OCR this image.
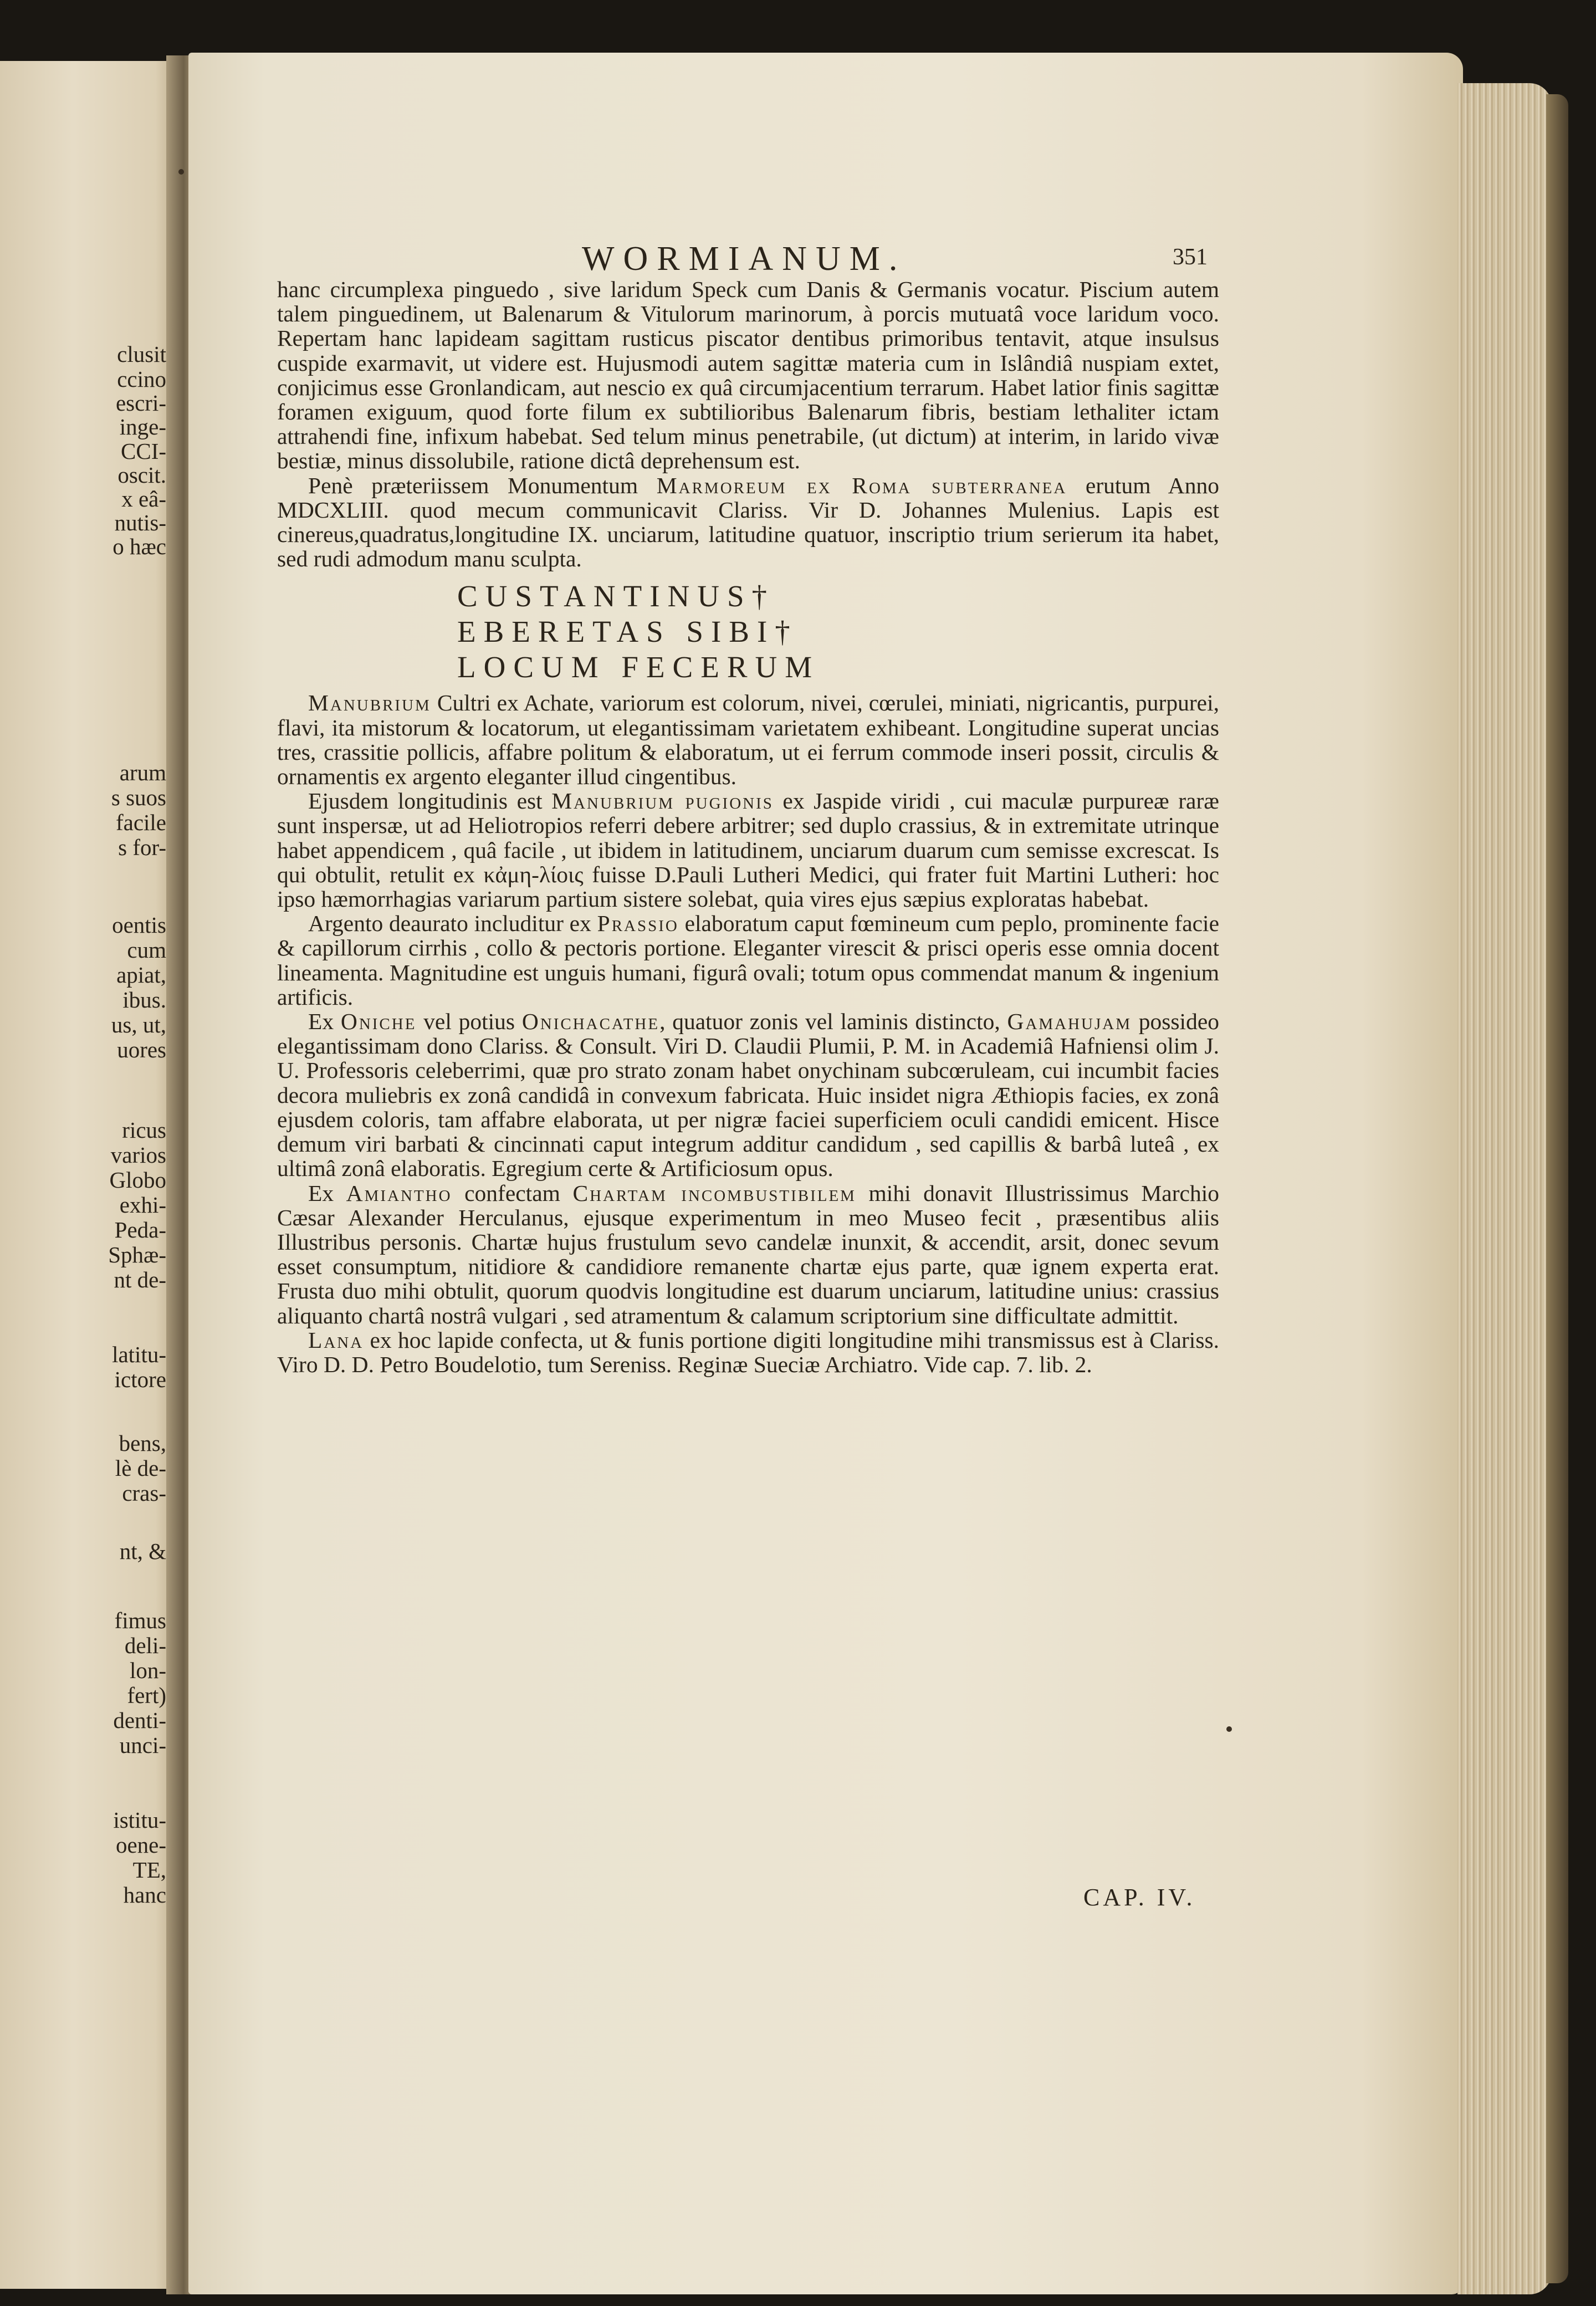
clusit
ccino
escri-
inge-
CCI-
oscit.
x eâ-
nutis-
o hæc
arum
s suos
facile
s for-
oentis
cum
apiat,
ibus.
us, ut,
uores
ricus
varios
Globo
exhi-
Peda-
Sphæ-
nt de-
latitu-
ictore
bens,
lè de-
cras-
nt, &
fimus
deli-
lon-
fert)
denti-
unci-
istitu-
oene-
TE,
hanc
WORMIANUM.	351

hanc circumplexa pinguedo , sive laridum Speck cum Danis & Germanis vocatur. Piscium autem talem pinguedinem, ut Balenarum & Vitulorum marinorum, à porcis mutuatâ voce laridum voco. Repertam hanc lapideam sagittam rusticus piscator dentibus primoribus tentavit, atque insulsus cuspide exarmavit, ut videre est. Hujusmodi autem sagittæ materia cum in Islândiâ nuspiam extet, conjicimus esse Gronlandicam, aut nescio ex quâ circumjacentium terrarum. Habet latior finis sagittæ foramen exiguum, quod forte filum ex subtilioribus Balenarum fibris, bestiam lethaliter ictam attrahendi fine, infixum habebat. Sed telum minus penetrabile, (ut dictum) at interim, in larido vivæ bestiæ, minus dissolubile, ratione dictâ deprehensum est.

Penè præteriissem Monumentum Marmoreum ex Roma subterranea erutum Anno MDCXLIII. quod mecum communicavit Clariss. Vir D. Johannes Mulenius. Lapis est cinereus,quadratus,longitudine IX. unciarum, latitudine quatuor, inscriptio trium serierum ita habet, sed rudi admodum manu sculpta.

CUSTANTINUS†
EBERETAS SIBI†
LOCUM FECERUM

Manubrium Cultri ex Achate, variorum est colorum, nivei, cœrulei, miniati, nigricantis, purpurei, flavi, ita mistorum & locatorum, ut elegantissimam varietatem exhibeant. Longitudine superat uncias tres, crassitie pollicis, affabre politum & elaboratum, ut ei ferrum commode inseri possit, circulis & ornamentis ex argento eleganter illud cingentibus.

Ejusdem longitudinis est Manubrium pugionis ex Jaspide viridi , cui maculæ purpureæ raræ sunt inspersæ, ut ad Heliotropios referri debere arbitrer; sed duplo crassius, & in extremitate utrinque habet appendicem , quâ facile , ut ibidem in latitudinem, unciarum duarum cum semisse excrescat. Is qui obtulit, retulit ex κἀμη-λίοις fuisse D.Pauli Lutheri Medici, qui frater fuit Martini Lutheri: hoc ipso hæmorrhagias variarum partium sistere solebat, quia vires ejus sæpius exploratas habebat.

Argento deaurato includitur ex Prassio elaboratum caput fœmineum cum peplo, prominente facie & capillorum cirrhis , collo & pectoris portione. Eleganter virescit & prisci operis esse omnia docent lineamenta. Magnitudine est unguis humani, figurâ ovali; totum opus commendat manum & ingenium artificis.

Ex Oniche vel potius Onichacathe, quatuor zonis vel laminis distincto, Gamahujam possideo elegantissimam dono Clariss. & Consult. Viri D. Claudii Plumii, P. M. in Academiâ Hafniensi olim J. U. Professoris celeberrimi, quæ pro strato zonam habet onychinam subcœruleam, cui incumbit facies decora muliebris ex zonâ candidâ in convexum fabricata. Huic insidet nigra Æthiopis facies, ex zonâ ejusdem coloris, tam affabre elaborata, ut per nigræ faciei superficiem oculi candidi emicent. Hisce demum viri barbati & cincinnati caput integrum additur candidum , sed capillis & barbâ luteâ , ex ultimâ zonâ elaboratis. Egregium certe & Artificiosum opus.

Ex Amiantho confectam Chartam incombustibilem mihi donavit Illustrissimus Marchio Cæsar Alexander Herculanus, ejusque experimentum in meo Museo fecit , præsentibus aliis Illustribus personis. Chartæ hujus frustulum sevo candelæ inunxit, & accendit, arsit, donec sevum esset consumptum, nitidiore & candidiore remanente chartæ ejus parte, quæ ignem experta erat. Frusta duo mihi obtulit, quorum quodvis longitudine est duarum unciarum, latitudine unius: crassius aliquanto chartâ nostrâ vulgari , sed atramentum & calamum scriptorium sine difficultate admittit.

Lana ex hoc lapide confecta, ut & funis portione digiti longitudine mihi transmissus est à Clariss. Viro D. D. Petro Boudelotio, tum Sereniss. Reginæ Sueciæ Archiatro. Vide cap. 7. lib. 2.

CAP. IV.
